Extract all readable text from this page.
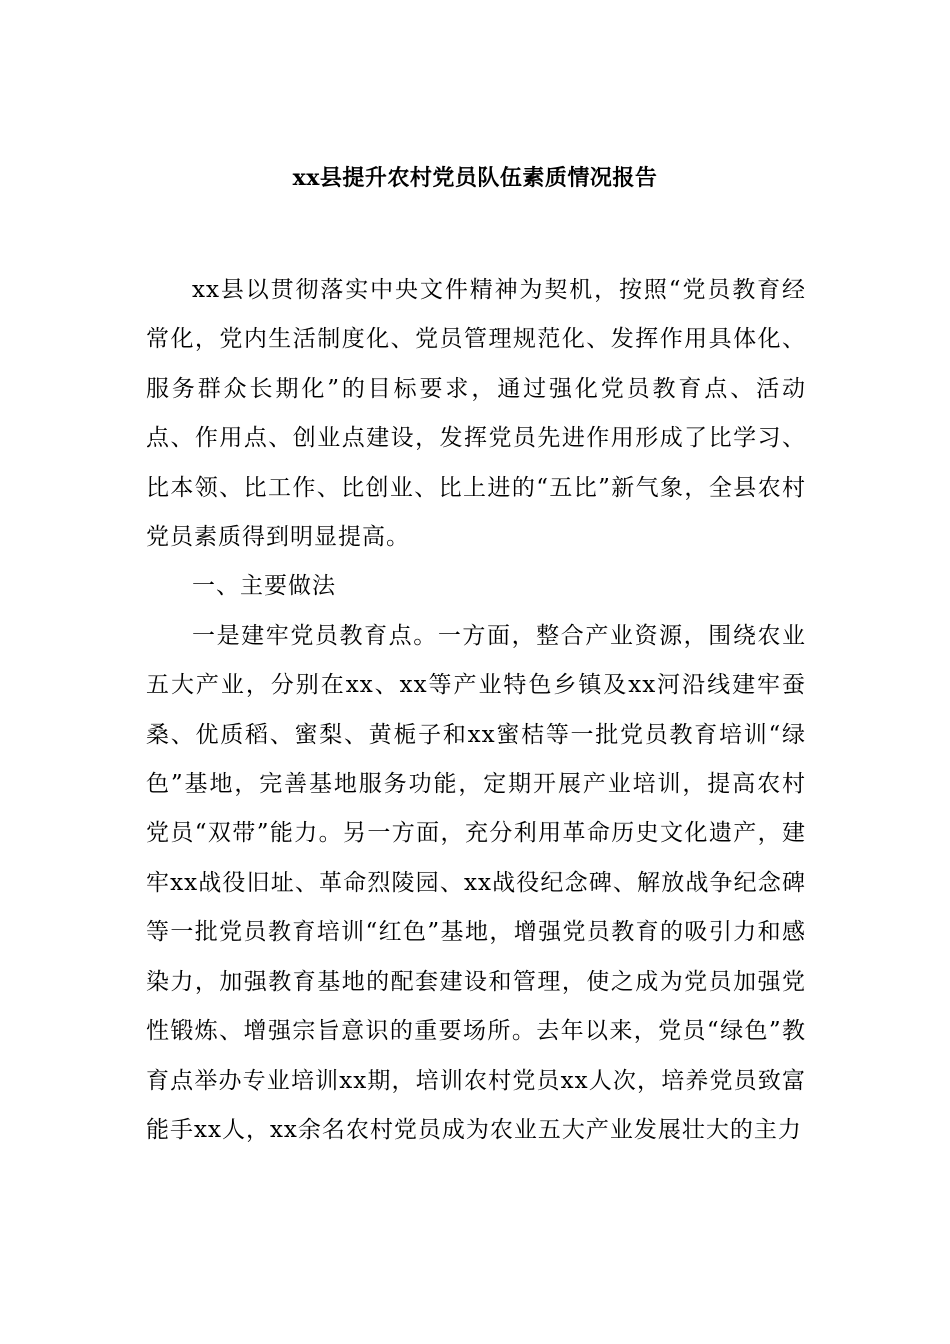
xx县提升农村党员队伍素质情况报告

xx县以贯彻落实中央文件精神为契机，按照“党员教育经常化，党内生活制度化、党员管理规范化、发挥作用具体化、服务群众长期化”的目标要求，通过强化党员教育点、活动点、作用点、创业点建设，发挥党员先进作用形成了比学习、比本领、比工作、比创业、比上进的“五比”新气象，全县农村党员素质得到明显提高。

一、主要做法

一是建牢党员教育点。一方面，整合产业资源，围绕农业五大产业，分别在xx、xx等产业特色乡镇及xx河沿线建牢蚕桑、优质稻、蜜梨、黄栀子和xx蜜桔等一批党员教育培训“绿色”基地，完善基地服务功能，定期开展产业培训，提高农村党员“双带”能力。另一方面，充分利用革命历史文化遗产，建牢xx战役旧址、革命烈陵园、xx战役纪念碑、解放战争纪念碑等一批党员教育培训“红色”基地，增强党员教育的吸引力和感染力，加强教育基地的配套建设和管理，使之成为党员加强党性锻炼、增强宗旨意识的重要场所。去年以来，党员“绿色”教育点举办专业培训xx期，培训农村党员xx人次，培养党员致富能手xx人，xx余名农村党员成为农业五大产业发展壮大的主力
